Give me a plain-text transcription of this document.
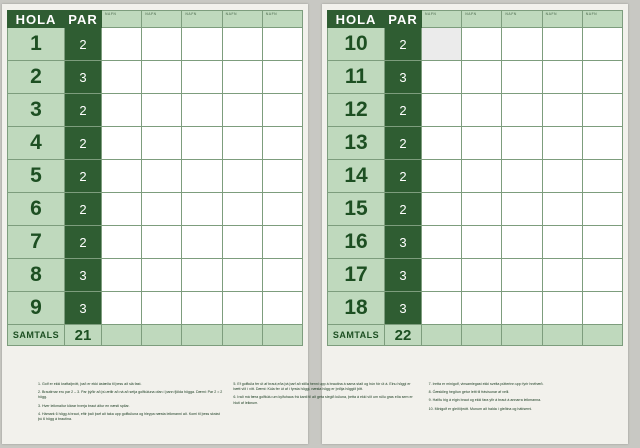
HOLA	PAR	NAFN	NAFN	NAFN	NAFN	NAFN

1	2					
2	3					
3	2					
4	2					
5	2					
6	2					
7	2					
8	3					
9	3					
SAMTALS	21					
HOLA	PAR	NAFN	NAFN	NAFN	NAFN	NAFN

10	2					
11	3					
12	2					
13	2					
14	2					
15	2					
16	3					
17	3					
18	3					
SAMTALS	22					
1. Golf er ekki kraftaíþrótt, það er ekki ástæða til þess að slá fast.
2. Brautirnar eru par 2 – 3. Par þýðir að þú ætlir að ná að setja golfkúluna ofan í þann fjölda högga. Dæmi: Par 2 = 2 högg.
3. Hver leikmaður klárar hverja braut áður en næsti spilar.
4. Hámark 6 högg á braut, eftir það þarf að taka upp golfkúluna og hleypa næsta leikmanni að. Komi til þess skrást þú 6 högg á brautina.
5. Ef golfkúla fer út af braut,eða þá þarf að stilla henni upp á brautina á sama stað og hún fór út á. Einu höggi er bætt við í vítt. Dæmi: Kúla fer út af í fyrsta höggi, næsta högg er þriðja höggið þitt.
6. Það má færa golfkúlu um kylfuhaus frá kanti til að geta slegið kúluna, þetta á ekki við um rúllu gras eða sem er hluti af leiknum.
7. Þetta er minigolf, vinsamlegast ekki svelta pútterinn upp fyrir hnéhæð.
8. Óæskileg hegðun getur leitt til frávísunar af velli.
9. Hafðu big á eigin braut og ekki fara yfir á braut á annarra leikmanna.
10. Minigolf er gleðiíþrótt. Munum að halda í gleðina og hátíserni.
